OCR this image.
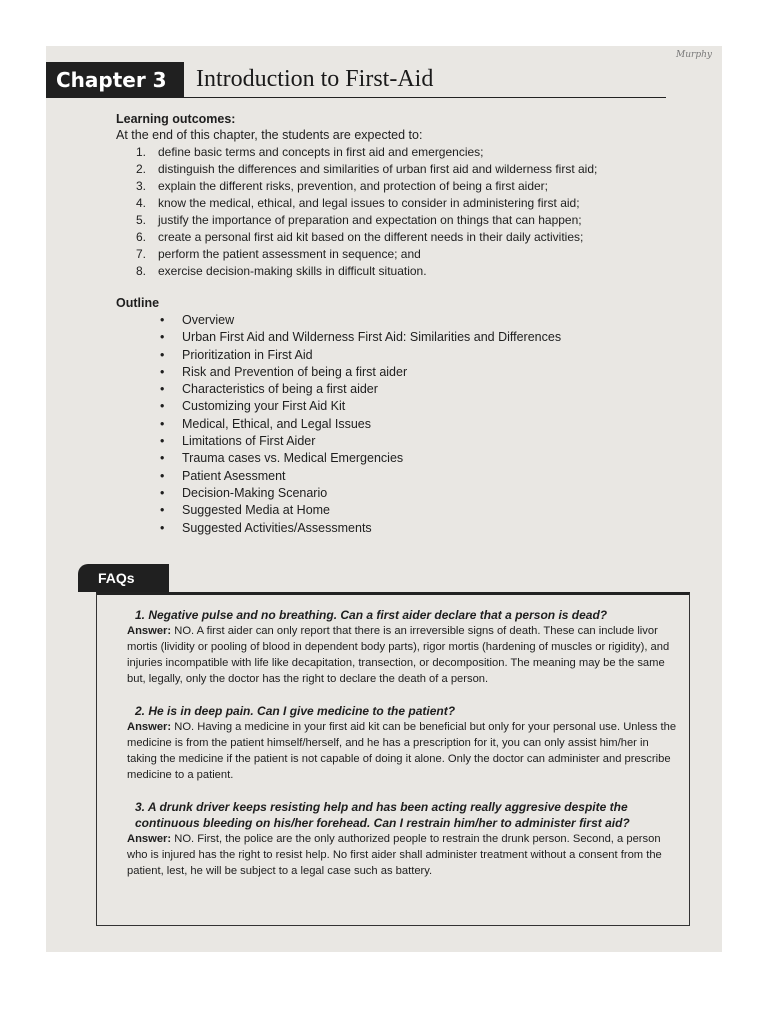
Murphy
Chapter 3	Introduction to First-Aid
Learning outcomes:
At the end of this chapter, the students are expected to:
1. define basic terms and concepts in first aid and emergencies;
2. distinguish the differences and similarities of urban first aid and wilderness first aid;
3. explain the different risks, prevention, and protection of being a first aider;
4. know the medical, ethical, and legal issues to consider in administering first aid;
5. justify the importance of preparation and expectation on things that can happen;
6. create a personal first aid kit based on the different needs in their daily activities;
7. perform the patient assessment in sequence; and
8. exercise decision-making skills in difficult situation.
Outline
• Overview
• Urban First Aid and Wilderness First Aid: Similarities and Differences
• Prioritization in First Aid
• Risk and Prevention of being a first aider
• Characteristics of being a first aider
• Customizing your First Aid Kit
• Medical, Ethical, and Legal Issues
• Limitations of First Aider
• Trauma cases vs. Medical Emergencies
• Patient Asessment
• Decision-Making Scenario
• Suggested Media at Home
• Suggested Activities/Assessments
FAQs
1. Negative pulse and no breathing. Can a first aider declare that a person is dead?
Answer: NO. A first aider can only report that there is an irreversible signs of death. These can include livor mortis (lividity or pooling of blood in dependent body parts), rigor mortis (hardening of muscles or rigidity), and injuries incompatible with life like decapitation, transection, or decomposition. The meaning may be the same but, legally, only the doctor has the right to declare the death of a person.
2. He is in deep pain. Can I give medicine to the patient?
Answer: NO. Having a medicine in your first aid kit can be beneficial but only for your personal use. Unless the medicine is from the patient himself/herself, and he has a prescription for it, you can only assist him/her in taking the medicine if the patient is not capable of doing it alone. Only the doctor can administer and prescribe medicine to a patient.
3. A drunk driver keeps resisting help and has been acting really aggresive despite the continuous bleeding on his/her forehead. Can I restrain him/her to administer first aid?
Answer: NO. First, the police are the only authorized people to restrain the drunk person. Second, a person who is injured has the right to resist help. No first aider shall administer treatment without a consent from the patient, lest, he will be subject to a legal case such as battery.
